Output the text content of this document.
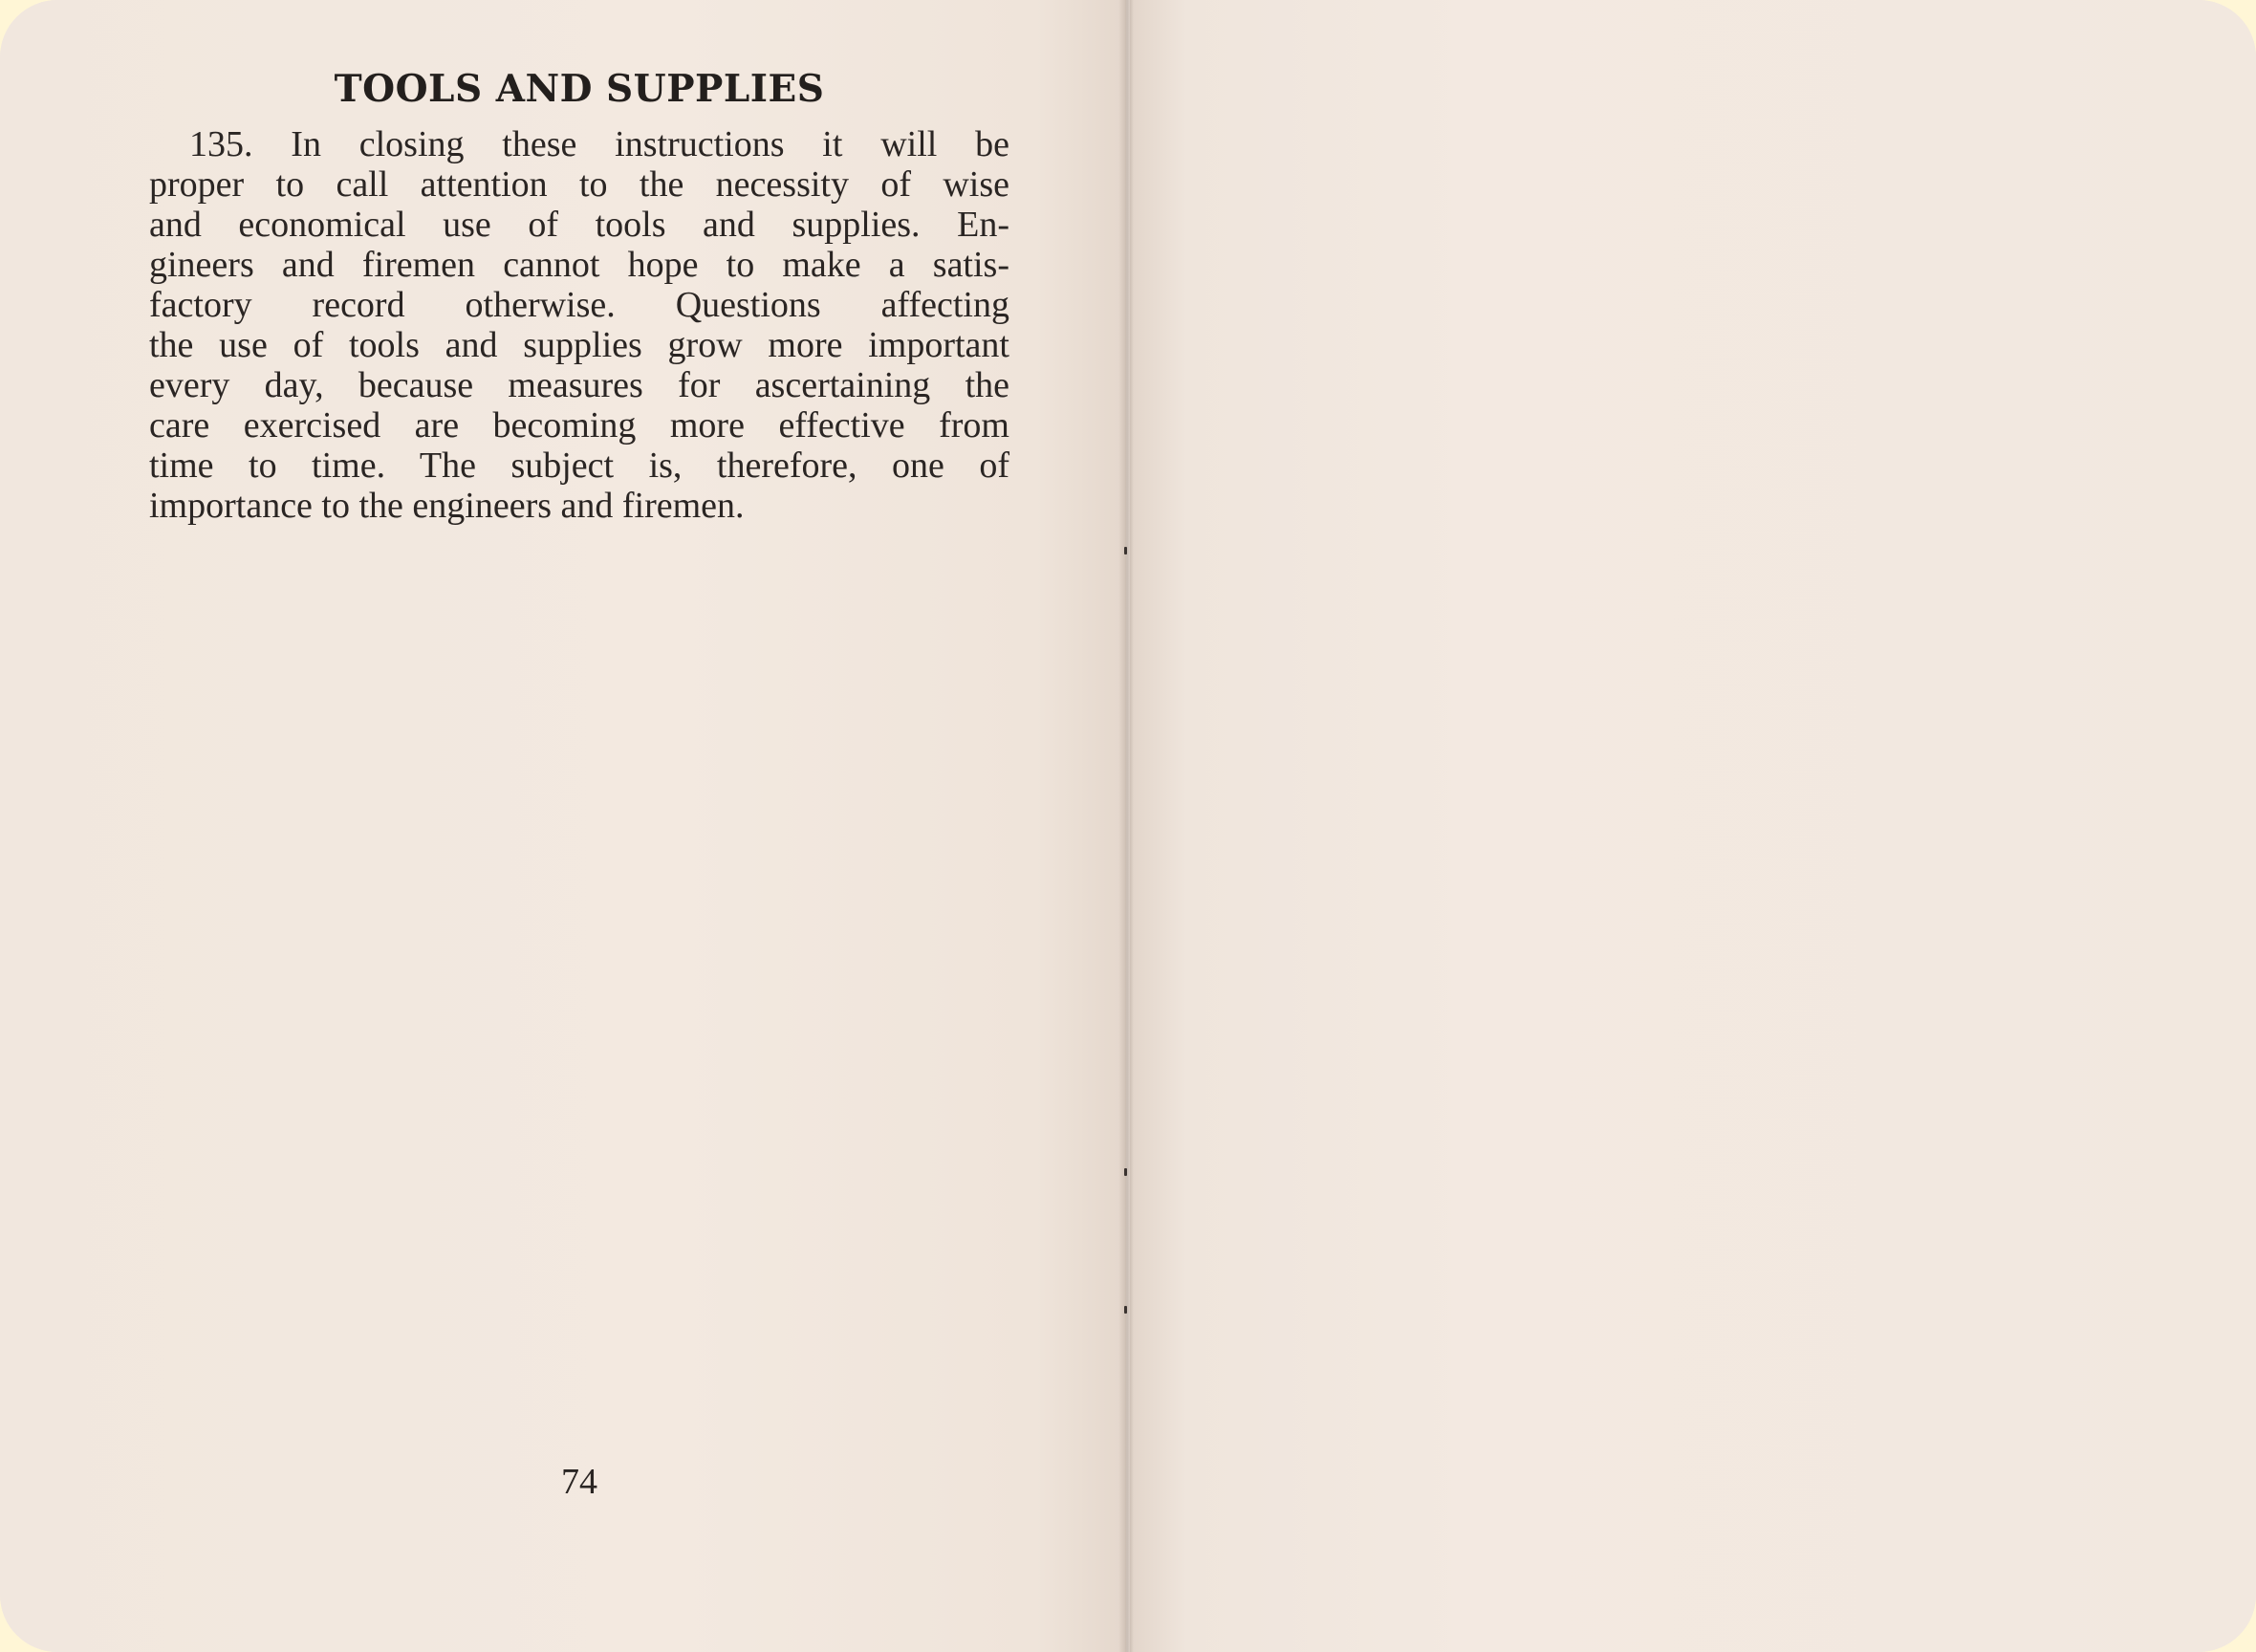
TOOLS AND SUPPLIES
135. In closing these instructions it will be
proper to call attention to the necessity of wise
and economical use of tools and supplies. En-
gineers and firemen cannot hope to make a satis-
factory record otherwise. Questions affecting
the use of tools and supplies grow more important
every day, because measures for ascertaining the
care exercised are becoming more effective from
time to time. The subject is, therefore, one of
importance to the engineers and firemen.

74
